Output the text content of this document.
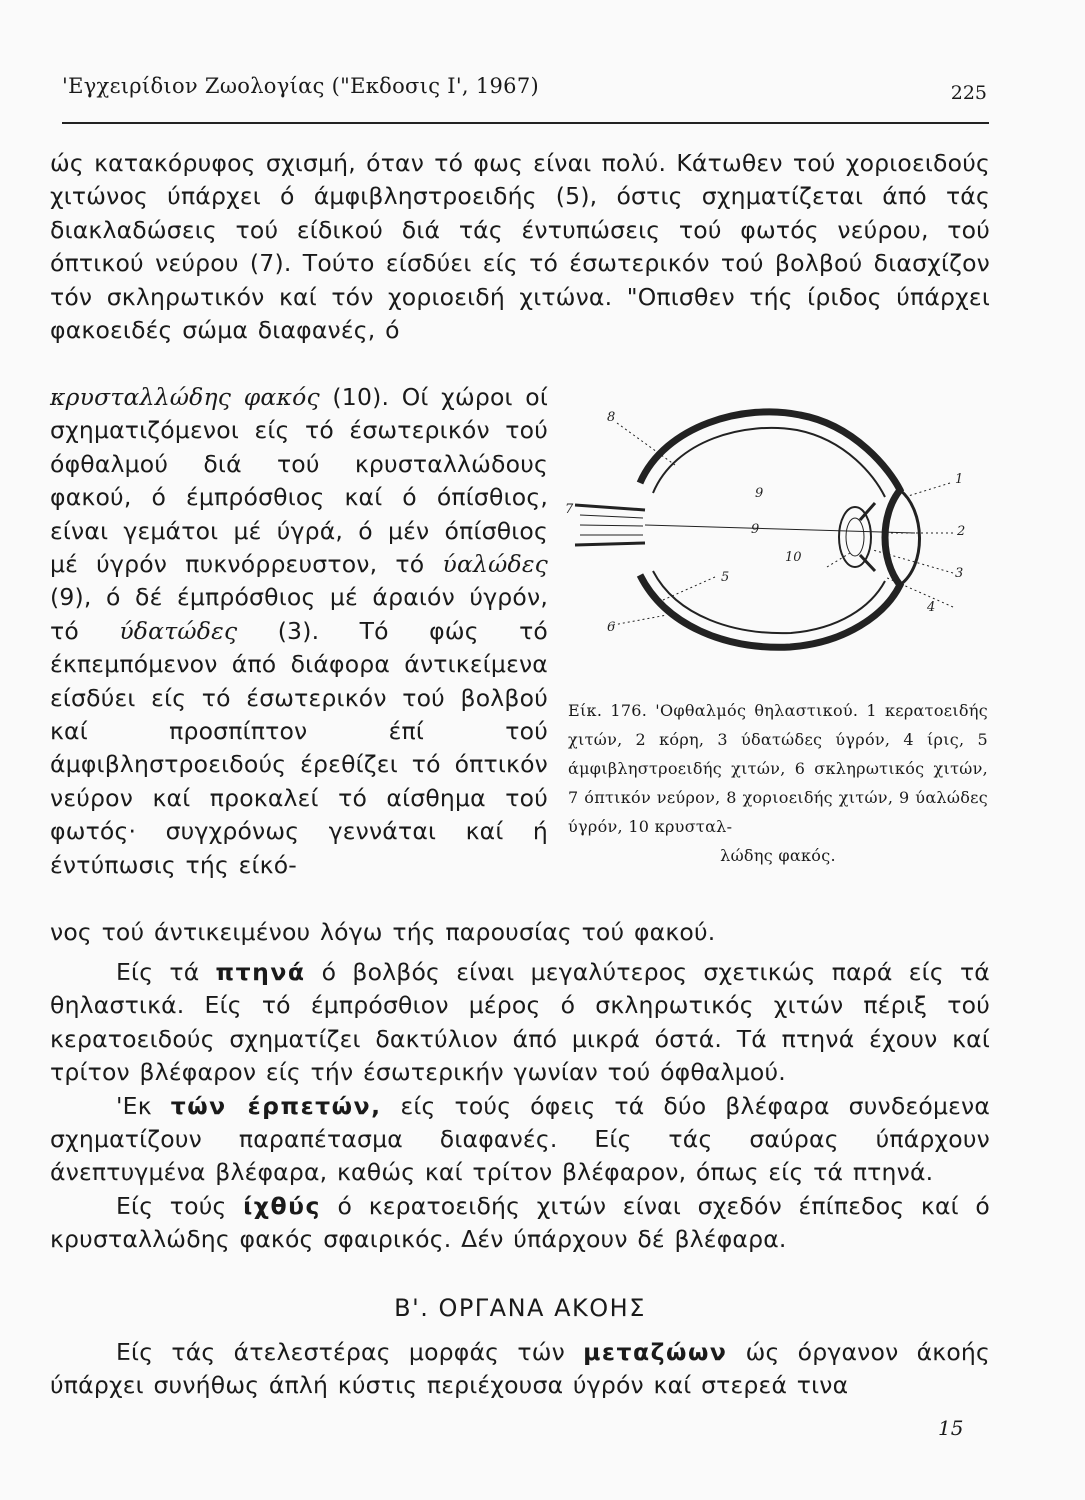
'Εγχειρίδιον Ζωολογίας ("Εκδοσις Ι', 1967)	225
ώς κατακόρυφος σχισμή, όταν τό φως είναι πολύ. Κάτωθεν τού χοριοειδούς χιτώνος ύπάρχει ό άμφιβληστροειδής (5), όστις σχηματίζεται άπό τάς διακλαδώσεις τού είδικού διά τάς έντυπώσεις τού φωτός νεύρου, τού όπτικού νεύρου (7). Τούτο είσδύει είς τό έσωτερικόν τού βολβού διασχίζον τόν σκληρωτικόν καί τόν χοριοειδή χιτώνα. "Οπισθεν τής ίριδος ύπάρχει φακοειδές σώμα διαφανές, ό
κρυσταλλώδης φακός (10). Οί χώροι οί σχηματιζόμενοι είς τό έσωτερικόν τού όφθαλμού διά τού κρυσταλλώδους φακού, ό έμπρόσθιος καί ό όπίσθιος, είναι γεμάτοι μέ ύγρά, ό μέν όπίσθιος μέ ύγρόν πυκνόρρευστον, τό ύαλώδες (9), ό δέ έμπρόσθιος μέ άραιόν ύγρόν, τό ύδατώδες (3). Τό φώς τό έκπεμπόμενον άπό διάφορα άντικείμενα είσδύει είς τό έσωτερικόν τού βολβού καί προσπίπτον έπί τού άμφιβληστροειδούς έρεθίζει τό όπτικόν νεύρον καί προκαλεί τό αίσθημα τού φωτός· συγχρόνως γεννάται καί ή έντύπωσις τής είκό-
8
1
7
9
9	2
10
3
5
4
6
Είκ. 176. 'Οφθαλμός θηλαστικού. 1 κερατοειδής χιτών, 2 κόρη, 3 ύδατώδες ύγρόν, 4 ίρις, 5 άμφιβληστροειδής χιτών, 6 σκληρωτικός χιτών, 7 όπτικόν νεύρον, 8 χοριοειδής χιτών, 9 ύαλώδες ύγρόν, 10 κρυσταλ-
λώδης φακός.
νος τού άντικειμένου λόγω τής παρουσίας τού φακού.

Είς τά πτηνά ό βολβός είναι μεγαλύτερος σχετικώς παρά είς τά θηλαστικά. Είς τό έμπρόσθιον μέρος ό σκληρωτικός χιτών πέριξ τού κερατοειδούς σχηματίζει δακτύλιον άπό μικρά όστά. Τά πτηνά έχουν καί τρίτον βλέφαρον είς τήν έσωτερικήν γωνίαν τού όφθαλμού.

'Εκ τών έρπετών, είς τούς όφεις τά δύο βλέφαρα συνδεόμενα σχηματίζουν παραπέτασμα διαφανές. Είς τάς σαύρας ύπάρχουν άνεπτυγμένα βλέφαρα, καθώς καί τρίτον βλέφαρον, όπως είς τά πτηνά.

Είς τούς ίχθύς ό κερατοειδής χιτών είναι σχεδόν έπίπεδος καί ό κρυσταλλώδης φακός σφαιρικός. Δέν ύπάρχουν δέ βλέφαρα.

Β'. ΟΡΓΑΝΑ ΑΚΟΗΣ

Είς τάς άτελεστέρας μορφάς τών μεταζώων ώς όργανον άκοής ύπάρχει συνήθως άπλή κύστις περιέχουσα ύγρόν καί στερεά τινα

15
